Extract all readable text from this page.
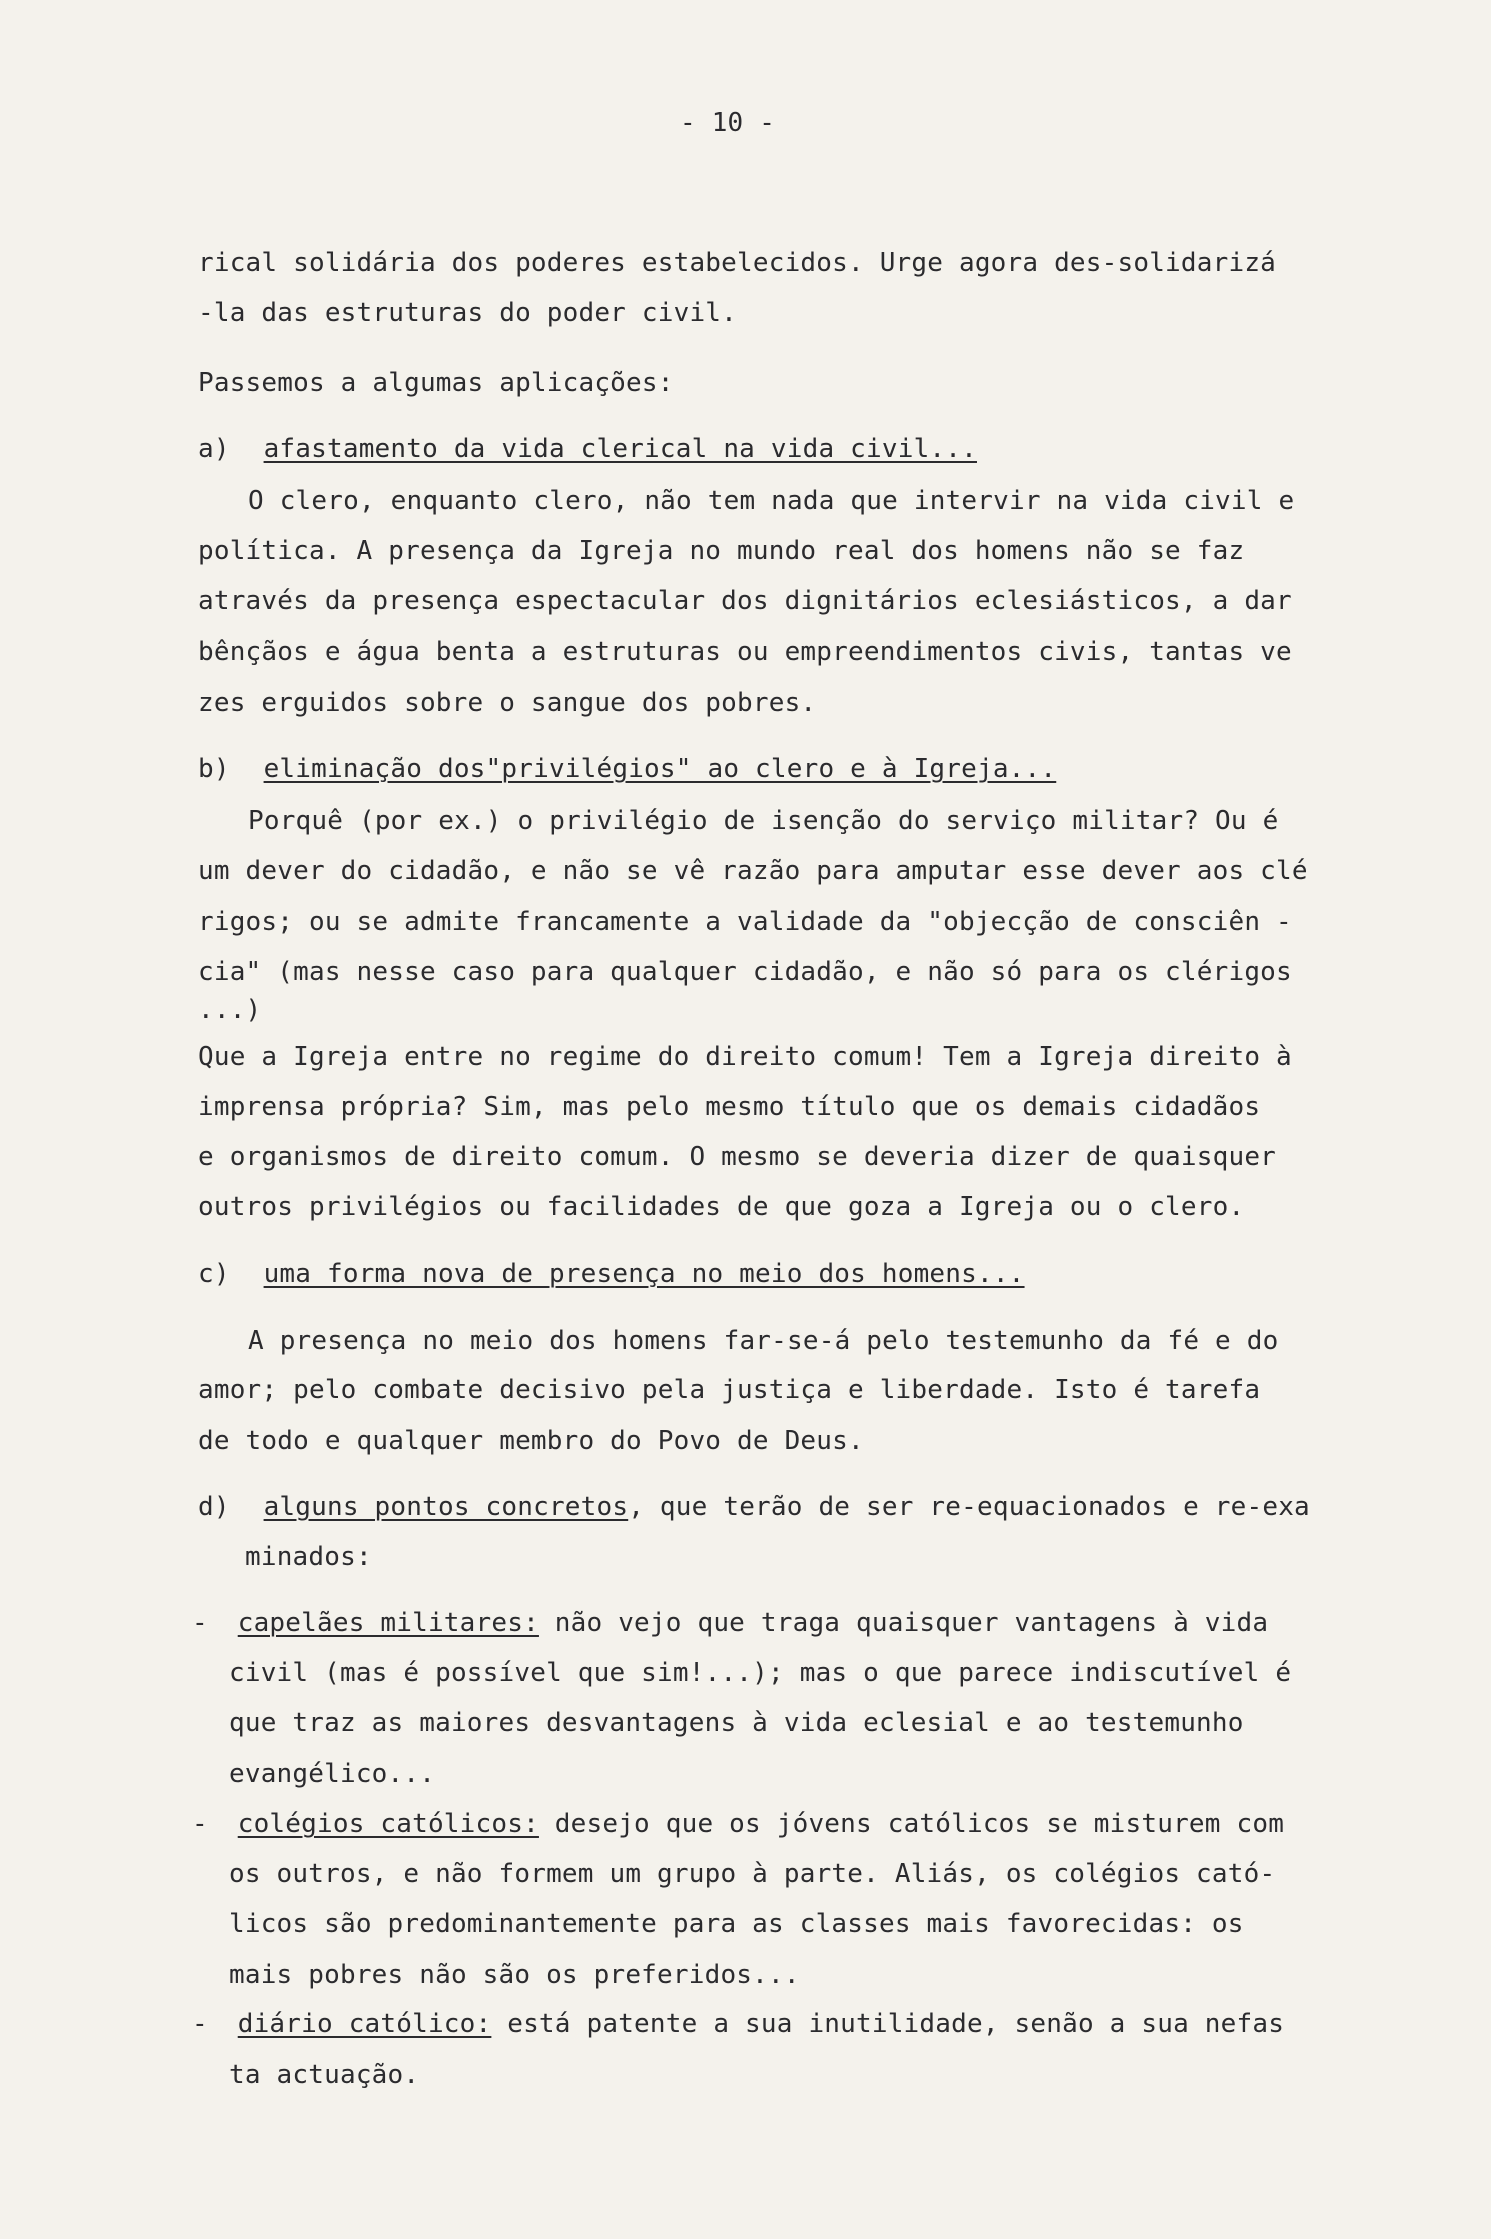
- 10 -
rical solidária dos poderes estabelecidos. Urge agora des-solidarizá
-la das estruturas do poder civil.
Passemos a algumas aplicações:
a) afastamento da vida clerical na vida civil...
O clero, enquanto clero, não tem nada que intervir na vida civil e
política. A presença da Igreja no mundo real dos homens não se faz
através da presença espectacular dos dignitários eclesiásticos, a dar
bênçãos e água benta a estruturas ou empreendimentos civis, tantas ve
zes erguidos sobre o sangue dos pobres.
b) eliminação dos"privilégios" ao clero e à Igreja...
Porquê (por ex.) o privilégio de isenção do serviço militar? Ou é
um dever do cidadão, e não se vê razão para amputar esse dever aos clé
rigos; ou se admite francamente a validade da "objecção de consciên -
cia" (mas nesse caso para qualquer cidadão, e não só para os clérigos
...)
Que a Igreja entre no regime do direito comum! Tem a Igreja direito à
imprensa própria? Sim, mas pelo mesmo título que os demais cidadãos
e organismos de direito comum. O mesmo se deveria dizer de quaisquer
outros privilégios ou facilidades de que goza a Igreja ou o clero.
c) uma forma nova de presença no meio dos homens...
A presença no meio dos homens far-se-á pelo testemunho da fé e do
amor; pelo combate decisivo pela justiça e liberdade. Isto é tarefa
de todo e qualquer membro do Povo de Deus.
d) alguns pontos concretos, que terão de ser re-equacionados e re-exa
minados:
- capelães militares: não vejo que traga quaisquer vantagens à vida
civil (mas é possível que sim!...); mas o que parece indiscutível é
que traz as maiores desvantagens à vida eclesial e ao testemunho
evangélico...
- colégios católicos: desejo que os jóvens católicos se misturem com
os outros, e não formem um grupo à parte. Aliás, os colégios cató-
licos são predominantemente para as classes mais favorecidas: os
mais pobres não são os preferidos...
- diário católico: está patente a sua inutilidade, senão a sua nefas
ta actuação.
